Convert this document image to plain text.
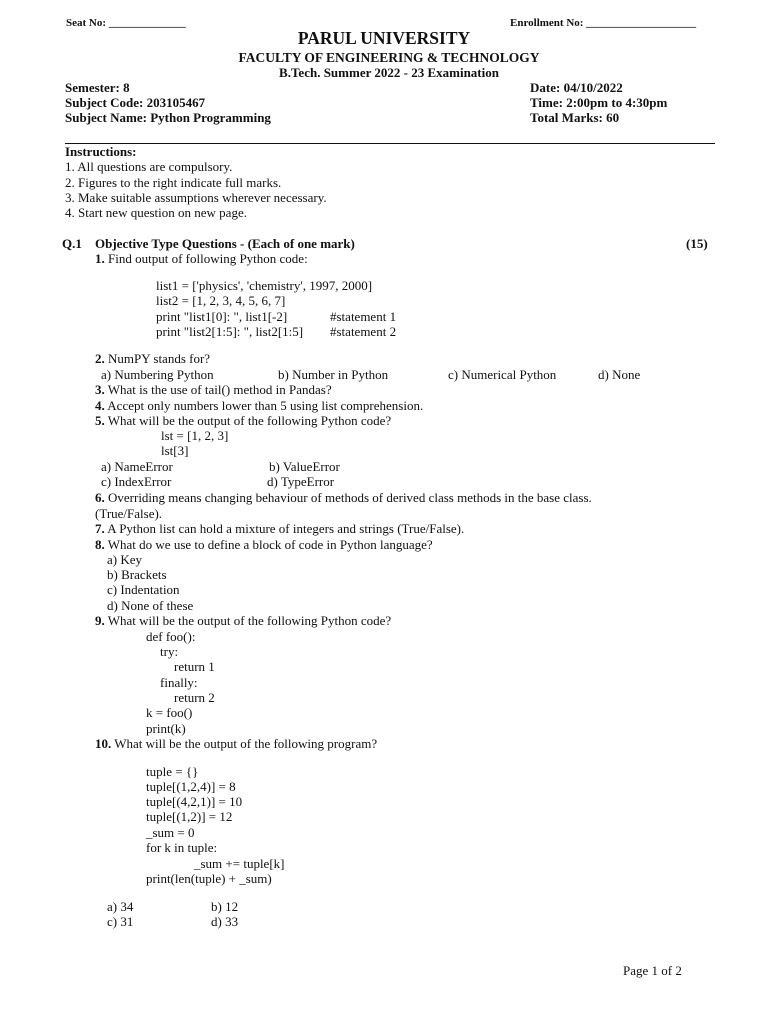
Seat No: ______________	Enrollment No: ____________________
PARUL UNIVERSITY
FACULTY OF ENGINEERING & TECHNOLOGY
B.Tech. Summer 2022 - 23 Examination
Semester: 8
Subject Code: 203105467
Subject Name: Python Programming
Date: 04/10/2022
Time: 2:00pm to 4:30pm
Total Marks: 60
Instructions:
1. All questions are compulsory.
2. Figures to the right indicate full marks.
3. Make suitable assumptions wherever necessary.
4. Start new question on new page.
Q.1 Objective Type Questions - (Each of one mark)	(15)
1. Find output of following Python code:
list1 = ['physics', 'chemistry', 1997, 2000]
list2 = [1, 2, 3, 4, 5, 6, 7]
print "list1[0]: ", list1[-2]
print "list2[1:5]: ", list2[1:5]
#statement 1
#statement 2
2. NumPY stands for?
a) Numbering Python	b) Number in Python	c) Numerical Python	d) None
3. What is the use of tail() method in Pandas?
4. Accept only numbers lower than 5 using list comprehension.
5. What will be the output of the following Python code?
lst = [1, 2, 3]
lst[3]
a) NameError	b) ValueError
c) IndexError	d) TypeError
6. Overriding means changing behaviour of methods of derived class methods in the base class.
(True/False).
7. A Python list can hold a mixture of integers and strings (True/False).
8. What do we use to define a block of code in Python language?
a) Key
b) Brackets
c) Indentation
d) None of these
9. What will be the output of the following Python code?
def foo():
try:
return 1
finally:
return 2
k = foo()
print(k)
10. What will be the output of the following program?
tuple = {}
tuple[(1,2,4)] = 8
tuple[(4,2,1)] = 10
tuple[(1,2)] = 12
_sum = 0
for k in tuple:
_sum += tuple[k]
print(len(tuple) + _sum)
a) 34	b) 12
c) 31	d) 33
Page 1 of 2
